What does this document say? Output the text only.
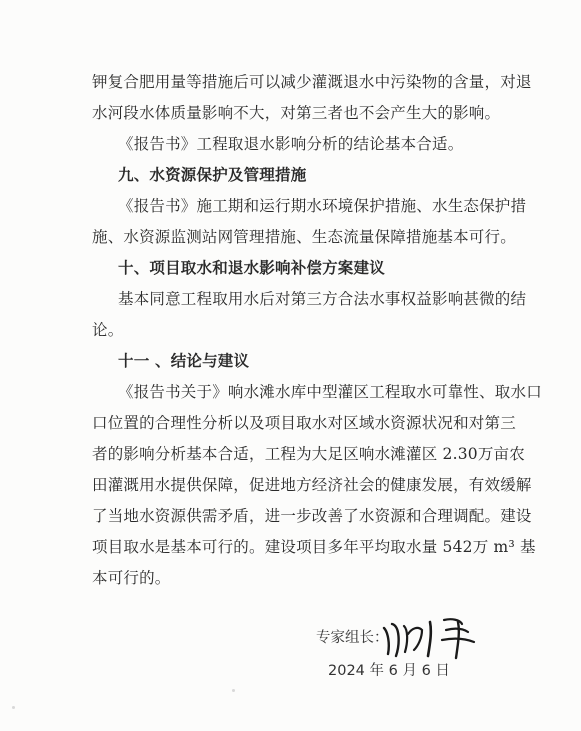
钾复合肥用量等措施后可以减少灌溉退水中污染物的含量，对退
水河段水体质量影响不大，对第三者也不会产生大的影响。
《报告书》工程取退水影响分析的结论基本合适。
九、水资源保护及管理措施
《报告书》施工期和运行期水环境保护措施、水生态保护措
施、水资源监测站网管理措施、生态流量保障措施基本可行。
十、项目取水和退水影响补偿方案建议
基本同意工程取用水后对第三方合法水事权益影响甚微的结
论。
十一 、结论与建议
《报告书关于》响水滩水库中型灌区工程取水可靠性、取水口
口位置的合理性分析以及项目取水对区域水资源状况和对第三
者的影响分析基本合适，工程为大足区响水滩灌区 2.30万亩农
田灌溉用水提供保障，促进地方经济社会的健康发展，有效缓解
了当地水资源供需矛盾，进一步改善了水资源和合理调配。建设
项目取水是基本可行的。建设项目多年平均取水量 542万 m³ 基
本可行的。
专家组长：
2024 年 6 月 6 日
